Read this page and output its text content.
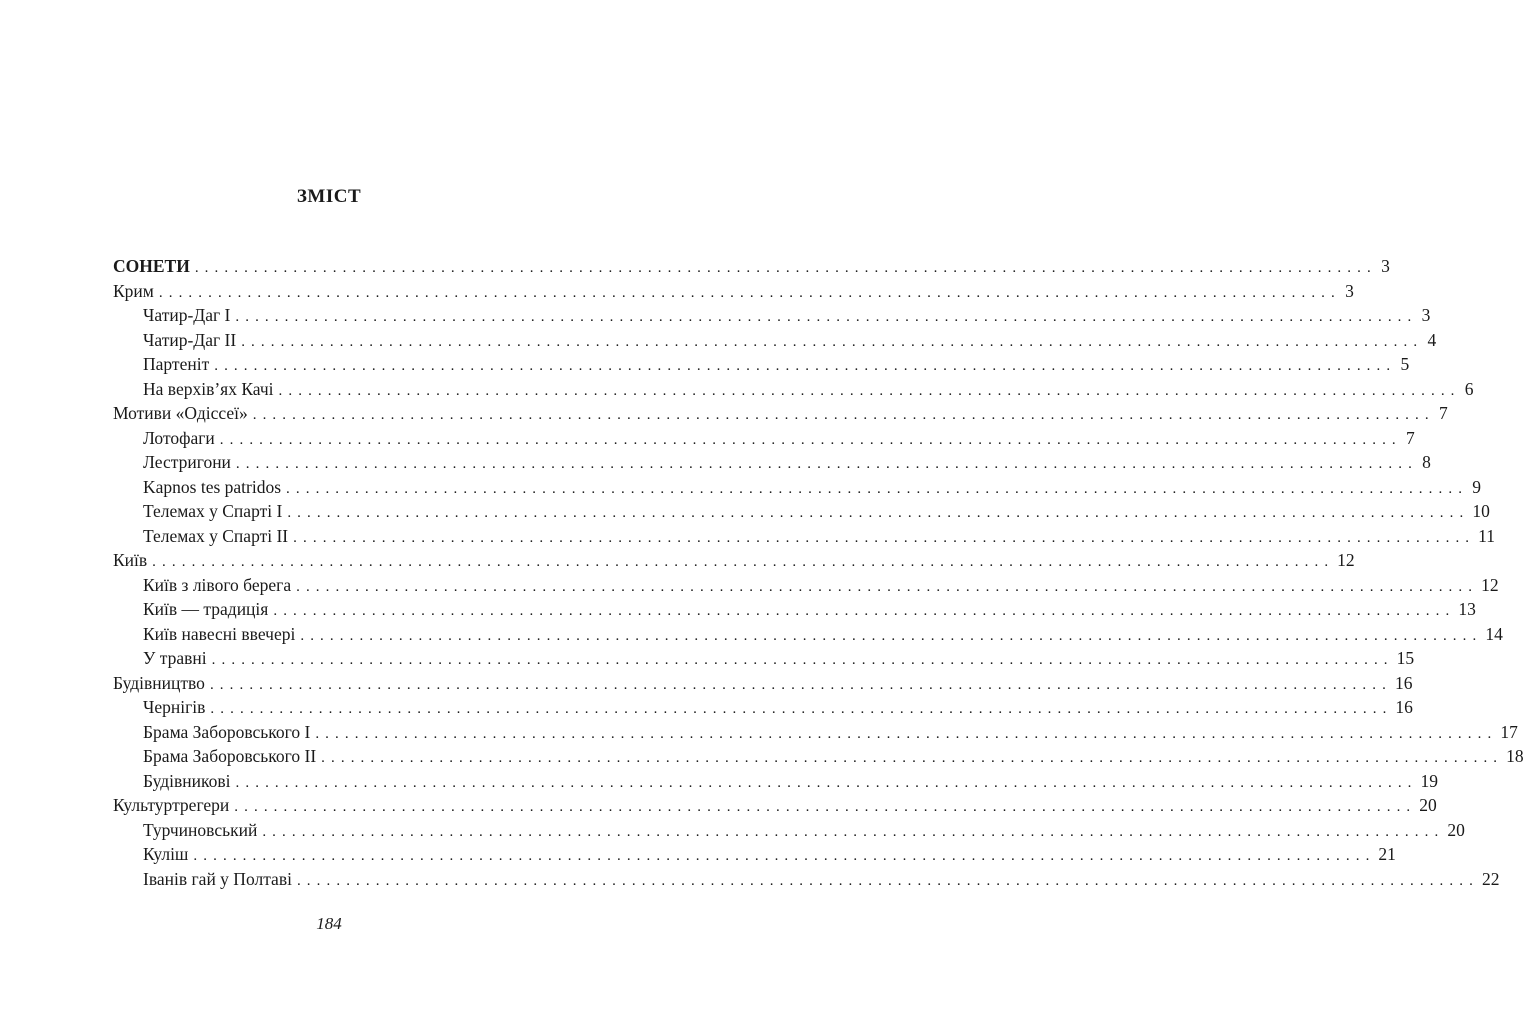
ЗМІСТ
СОНЕТИ ........................................................................................................................ 3
Крим ........................................................................................................................ 3
Чатир-Даг I ........................................................................................................................ 3
Чатир-Даг II ........................................................................................................................ 4
Партеніт ........................................................................................................................ 5
На верхів’ях Качі ........................................................................................................................ 6
Мотиви «Одіссеї» ........................................................................................................................ 7
Лотофаги ........................................................................................................................ 7
Лестригони ........................................................................................................................ 8
Kapnos tes patridos ........................................................................................................................ 9
Телемах у Спарті I ........................................................................................................................ 10
Телемах у Спарті II ........................................................................................................................ 11
Київ ........................................................................................................................ 12
Київ з лівого берега ........................................................................................................................ 12
Київ — традиція ........................................................................................................................ 13
Київ навесні ввечері ........................................................................................................................ 14
У травні ........................................................................................................................ 15
Будівництво ........................................................................................................................ 16
Чернігів ........................................................................................................................ 16
Брама Заборовського I ........................................................................................................................ 17
Брама Заборовського II ........................................................................................................................ 18
Будівникові ........................................................................................................................ 19
Культуртрегери ........................................................................................................................ 20
Турчиновський ........................................................................................................................ 20
Куліш ........................................................................................................................ 21
Іванів гай у Полтаві ........................................................................................................................ 22
184
